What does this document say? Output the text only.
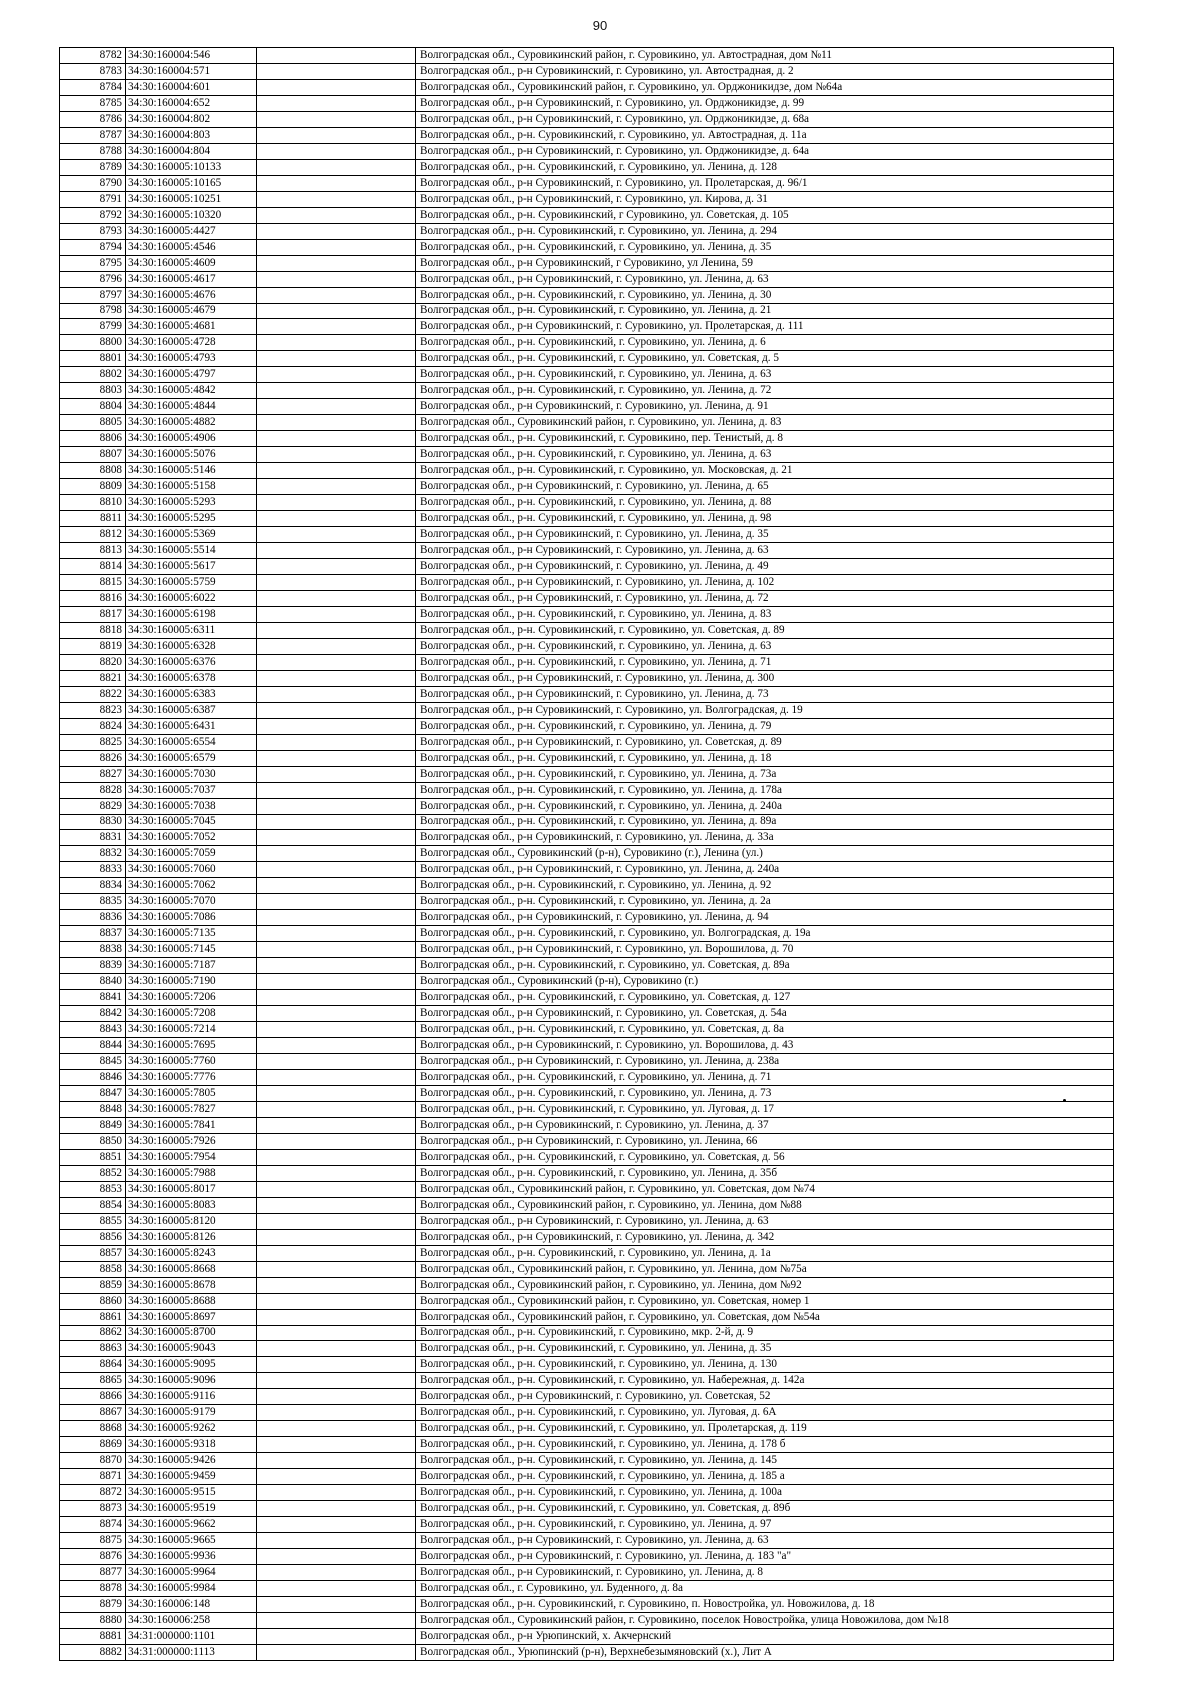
90
8782	34:30:160004:546		Волгоградская обл., Суровикинский район, г. Суровикино, ул. Автострадная, дом №11
8783	34:30:160004:571		Волгоградская обл., р-н Суровикинский, г. Суровикино, ул. Автострадная, д. 2
8784	34:30:160004:601		Волгоградская обл., Суровикинский район, г. Суровикино, ул. Орджоникидзе, дом №64а
8785	34:30:160004:652		Волгоградская обл., р-н Суровикинский, г. Суровикино, ул. Орджоникидзе, д. 99
8786	34:30:160004:802		Волгоградская обл., р-н Суровикинский, г. Суровикино, ул. Орджоникидзе, д. 68а
8787	34:30:160004:803		Волгоградская обл., р-н. Суровикинский, г. Суровикино, ул. Автострадная, д. 11а
8788	34:30:160004:804		Волгоградская обл., р-н Суровикинский, г. Суровикино, ул. Орджоникидзе, д. 64а
8789	34:30:160005:10133		Волгоградская обл., р-н. Суровикинский, г. Суровикино, ул. Ленина, д. 128
8790	34:30:160005:10165		Волгоградская обл., р-н Суровикинский, г. Суровикино, ул. Пролетарская, д. 96/1
8791	34:30:160005:10251		Волгоградская обл., р-н Суровикинский, г. Суровикино, ул. Кирова, д. 31
8792	34:30:160005:10320		Волгоградская обл., р-н. Суровикинский, г Суровикино, ул. Советская, д. 105
8793	34:30:160005:4427		Волгоградская обл., р-н. Суровикинский, г. Суровикино, ул. Ленина, д. 294
8794	34:30:160005:4546		Волгоградская обл., р-н. Суровикинский, г. Суровикино, ул. Ленина, д. 35
8795	34:30:160005:4609		Волгоградская обл., р-н Суровикинский, г Суровикино, ул Ленина, 59
8796	34:30:160005:4617		Волгоградская обл., р-н Суровикинский, г. Суровикино, ул. Ленина, д. 63
8797	34:30:160005:4676		Волгоградская обл., р-н. Суровикинский, г. Суровикино, ул. Ленина, д. 30
8798	34:30:160005:4679		Волгоградская обл., р-н. Суровикинский, г. Суровикино, ул. Ленина, д. 21
8799	34:30:160005:4681		Волгоградская обл., р-н Суровикинский, г. Суровикино, ул. Пролетарская, д. 111
8800	34:30:160005:4728		Волгоградская обл., р-н. Суровикинский, г. Суровикино, ул. Ленина, д. 6
8801	34:30:160005:4793		Волгоградская обл., р-н. Суровикинский, г. Суровикино, ул. Советская, д. 5
8802	34:30:160005:4797		Волгоградская обл., р-н. Суровикинский, г. Суровикино, ул. Ленина, д. 63
8803	34:30:160005:4842		Волгоградская обл., р-н. Суровикинский, г. Суровикино, ул. Ленина, д. 72
8804	34:30:160005:4844		Волгоградская обл., р-н Суровикинский, г. Суровикино, ул. Ленина, д. 91
8805	34:30:160005:4882		Волгоградская обл., Суровикинский район, г. Суровикино, ул. Ленина, д. 83
8806	34:30:160005:4906		Волгоградская обл., р-н. Суровикинский, г. Суровикино, пер. Тенистый, д. 8
8807	34:30:160005:5076		Волгоградская обл., р-н. Суровикинский, г. Суровикино, ул. Ленина, д. 63
8808	34:30:160005:5146		Волгоградская обл., р-н. Суровикинский, г. Суровикино, ул. Московская, д. 21
8809	34:30:160005:5158		Волгоградская обл., р-н Суровикинский, г. Суровикино, ул. Ленина, д. 65
8810	34:30:160005:5293		Волгоградская обл., р-н. Суровикинский, г. Суровикино, ул. Ленина, д. 88
8811	34:30:160005:5295		Волгоградская обл., р-н. Суровикинский, г. Суровикино, ул. Ленина, д. 98
8812	34:30:160005:5369		Волгоградская обл., р-н Суровикинский, г. Суровикино, ул. Ленина, д. 35
8813	34:30:160005:5514		Волгоградская обл., р-н Суровикинский, г. Суровикино, ул. Ленина, д. 63
8814	34:30:160005:5617		Волгоградская обл., р-н Суровикинский, г. Суровикино, ул. Ленина, д. 49
8815	34:30:160005:5759		Волгоградская обл., р-н Суровикинский, г. Суровикино, ул. Ленина, д. 102
8816	34:30:160005:6022		Волгоградская обл., р-н Суровикинский, г. Суровикино, ул. Ленина, д. 72
8817	34:30:160005:6198		Волгоградская обл., р-н. Суровикинский, г. Суровикино, ул. Ленина, д. 83
8818	34:30:160005:6311		Волгоградская обл., р-н. Суровикинский, г. Суровикино, ул. Советская, д. 89
8819	34:30:160005:6328		Волгоградская обл., р-н. Суровикинский, г. Суровикино, ул. Ленина, д. 63
8820	34:30:160005:6376		Волгоградская обл., р-н. Суровикинский, г. Суровикино, ул. Ленина, д. 71
8821	34:30:160005:6378		Волгоградская обл., р-н Суровикинский, г. Суровикино, ул. Ленина, д. 300
8822	34:30:160005:6383		Волгоградская обл., р-н Суровикинский, г. Суровикино, ул. Ленина, д. 73
8823	34:30:160005:6387		Волгоградская обл., р-н Суровикинский, г. Суровикино, ул. Волгоградская, д. 19
8824	34:30:160005:6431		Волгоградская обл., р-н. Суровикинский, г. Суровикино, ул. Ленина, д. 79
8825	34:30:160005:6554		Волгоградская обл., р-н Суровикинский, г. Суровикино, ул. Советская, д. 89
8826	34:30:160005:6579		Волгоградская обл., р-н. Суровикинский, г. Суровикино, ул. Ленина, д. 18
8827	34:30:160005:7030		Волгоградская обл., р-н. Суровикинский, г. Суровикино, ул. Ленина, д. 73а
8828	34:30:160005:7037		Волгоградская обл., р-н. Суровикинский, г. Суровикино, ул. Ленина, д. 178а
8829	34:30:160005:7038		Волгоградская обл., р-н. Суровикинский, г. Суровикино, ул. Ленина, д. 240а
8830	34:30:160005:7045		Волгоградская обл., р-н. Суровикинский, г. Суровикино, ул. Ленина, д. 89а
8831	34:30:160005:7052		Волгоградская обл., р-н Суровикинский, г. Суровикино, ул. Ленина, д. 33а
8832	34:30:160005:7059		Волгоградская обл., Суровикинский (р-н), Суровикино (г.), Ленина (ул.)
8833	34:30:160005:7060		Волгоградская обл., р-н Суровикинский, г. Суровикино, ул. Ленина, д. 240а
8834	34:30:160005:7062		Волгоградская обл., р-н. Суровикинский, г. Суровикино, ул. Ленина, д. 92
8835	34:30:160005:7070		Волгоградская обл., р-н. Суровикинский, г. Суровикино, ул. Ленина, д. 2а
8836	34:30:160005:7086		Волгоградская обл., р-н Суровикинский, г. Суровикино, ул. Ленина, д. 94
8837	34:30:160005:7135		Волгоградская обл., р-н. Суровикинский, г. Суровикино, ул. Волгоградская, д. 19а
8838	34:30:160005:7145		Волгоградская обл., р-н Суровикинский, г. Суровикино, ул. Ворошилова, д. 70
8839	34:30:160005:7187		Волгоградская обл., р-н. Суровикинский, г. Суровикино, ул. Советская, д. 89а
8840	34:30:160005:7190		Волгоградская обл., Суровикинский (р-н), Суровикино (г.)
8841	34:30:160005:7206		Волгоградская обл., р-н. Суровикинский, г. Суровикино, ул. Советская, д. 127
8842	34:30:160005:7208		Волгоградская обл., р-н Суровикинский, г. Суровикино, ул. Советская, д. 54а
8843	34:30:160005:7214		Волгоградская обл., р-н. Суровикинский, г. Суровикино, ул. Советская, д. 8а
8844	34:30:160005:7695		Волгоградская обл., р-н Суровикинский, г. Суровикино, ул. Ворошилова, д. 43
8845	34:30:160005:7760		Волгоградская обл., р-н Суровикинский, г. Суровикино, ул. Ленина, д. 238а
8846	34:30:160005:7776		Волгоградская обл., р-н. Суровикинский, г. Суровикино, ул. Ленина, д. 71
8847	34:30:160005:7805		Волгоградская обл., р-н. Суровикинский, г. Суровикино, ул. Ленина, д. 73
8848	34:30:160005:7827		Волгоградская обл., р-н. Суровикинский, г. Суровикино, ул. Луговая, д. 17
8849	34:30:160005:7841		Волгоградская обл., р-н Суровикинский, г. Суровикино, ул. Ленина, д. 37
8850	34:30:160005:7926		Волгоградская обл., р-н Суровикинский, г. Суровикино, ул. Ленина, 66
8851	34:30:160005:7954		Волгоградская обл., р-н. Суровикинский, г. Суровикино, ул. Советская, д. 56
8852	34:30:160005:7988		Волгоградская обл., р-н. Суровикинский, г. Суровикино, ул. Ленина, д. 35б
8853	34:30:160005:8017		Волгоградская обл., Суровикинский район, г. Суровикино, ул. Советская, дом №74
8854	34:30:160005:8083		Волгоградская обл., Суровикинский район, г. Суровикино, ул. Ленина, дом №88
8855	34:30:160005:8120		Волгоградская обл., р-н Суровикинский, г. Суровикино, ул. Ленина, д. 63
8856	34:30:160005:8126		Волгоградская обл., р-н Суровикинский, г. Суровикино, ул. Ленина, д. 342
8857	34:30:160005:8243		Волгоградская обл., р-н. Суровикинский, г. Суровикино, ул. Ленина, д. 1а
8858	34:30:160005:8668		Волгоградская обл., Суровикинский район, г. Суровикино, ул. Ленина, дом №75а
8859	34:30:160005:8678		Волгоградская обл., Суровикинский район, г. Суровикино, ул. Ленина, дом №92
8860	34:30:160005:8688		Волгоградская обл., Суровикинский район, г. Суровикино, ул. Советская, номер 1
8861	34:30:160005:8697		Волгоградская обл., Суровикинский район, г. Суровикино, ул. Советская, дом №54а
8862	34:30:160005:8700		Волгоградская обл., р-н. Суровикинский, г. Суровикино, мкр. 2-й, д. 9
8863	34:30:160005:9043		Волгоградская обл., р-н. Суровикинский, г. Суровикино, ул. Ленина, д. 35
8864	34:30:160005:9095		Волгоградская обл., р-н. Суровикинский, г. Суровикино, ул. Ленина, д. 130
8865	34:30:160005:9096		Волгоградская обл., р-н. Суровикинский, г. Суровикино, ул. Набережная, д. 142а
8866	34:30:160005:9116		Волгоградская обл., р-н Суровикинский, г. Суровикино, ул. Советская, 52
8867	34:30:160005:9179		Волгоградская обл., р-н. Суровикинский, г. Суровикино, ул. Луговая, д. 6А
8868	34:30:160005:9262		Волгоградская обл., р-н. Суровикинский, г. Суровикино, ул. Пролетарская, д. 119
8869	34:30:160005:9318		Волгоградская обл., р-н. Суровикинский, г. Суровикино, ул. Ленина, д. 178 б
8870	34:30:160005:9426		Волгоградская обл., р-н. Суровикинский, г. Суровикино, ул. Ленина, д. 145
8871	34:30:160005:9459		Волгоградская обл., р-н. Суровикинский, г. Суровикино, ул. Ленина, д. 185 а
8872	34:30:160005:9515		Волгоградская обл., р-н. Суровикинский, г. Суровикино, ул. Ленина, д. 100а
8873	34:30:160005:9519		Волгоградская обл., р-н. Суровикинский, г. Суровикино, ул. Советская, д. 89б
8874	34:30:160005:9662		Волгоградская обл., р-н. Суровикинский, г. Суровикино, ул. Ленина, д. 97
8875	34:30:160005:9665		Волгоградская обл., р-н Суровикинский, г. Суровикино, ул. Ленина, д. 63
8876	34:30:160005:9936		Волгоградская обл., р-н Суровикинский, г. Суровикино, ул. Ленина, д. 183 "а"
8877	34:30:160005:9964		Волгоградская обл., р-н Суровикинский, г. Суровикино, ул. Ленина, д. 8
8878	34:30:160005:9984		Волгоградская обл., г. Суровикино, ул. Буденного, д. 8а
8879	34:30:160006:148		Волгоградская обл., р-н. Суровикинский, г. Суровикино, п. Новостройка, ул. Новожилова, д. 18
8880	34:30:160006:258		Волгоградская обл., Суровикинский район, г. Суровикино, поселок Новостройка, улица Новожилова, дом №18
8881	34:31:000000:1101		Волгоградская обл., р-н Урюпинский, х. Акчернский
8882	34:31:000000:1113		Волгоградская обл., Урюпинский (р-н), Верхнебезымяновский (х.), Лит А
